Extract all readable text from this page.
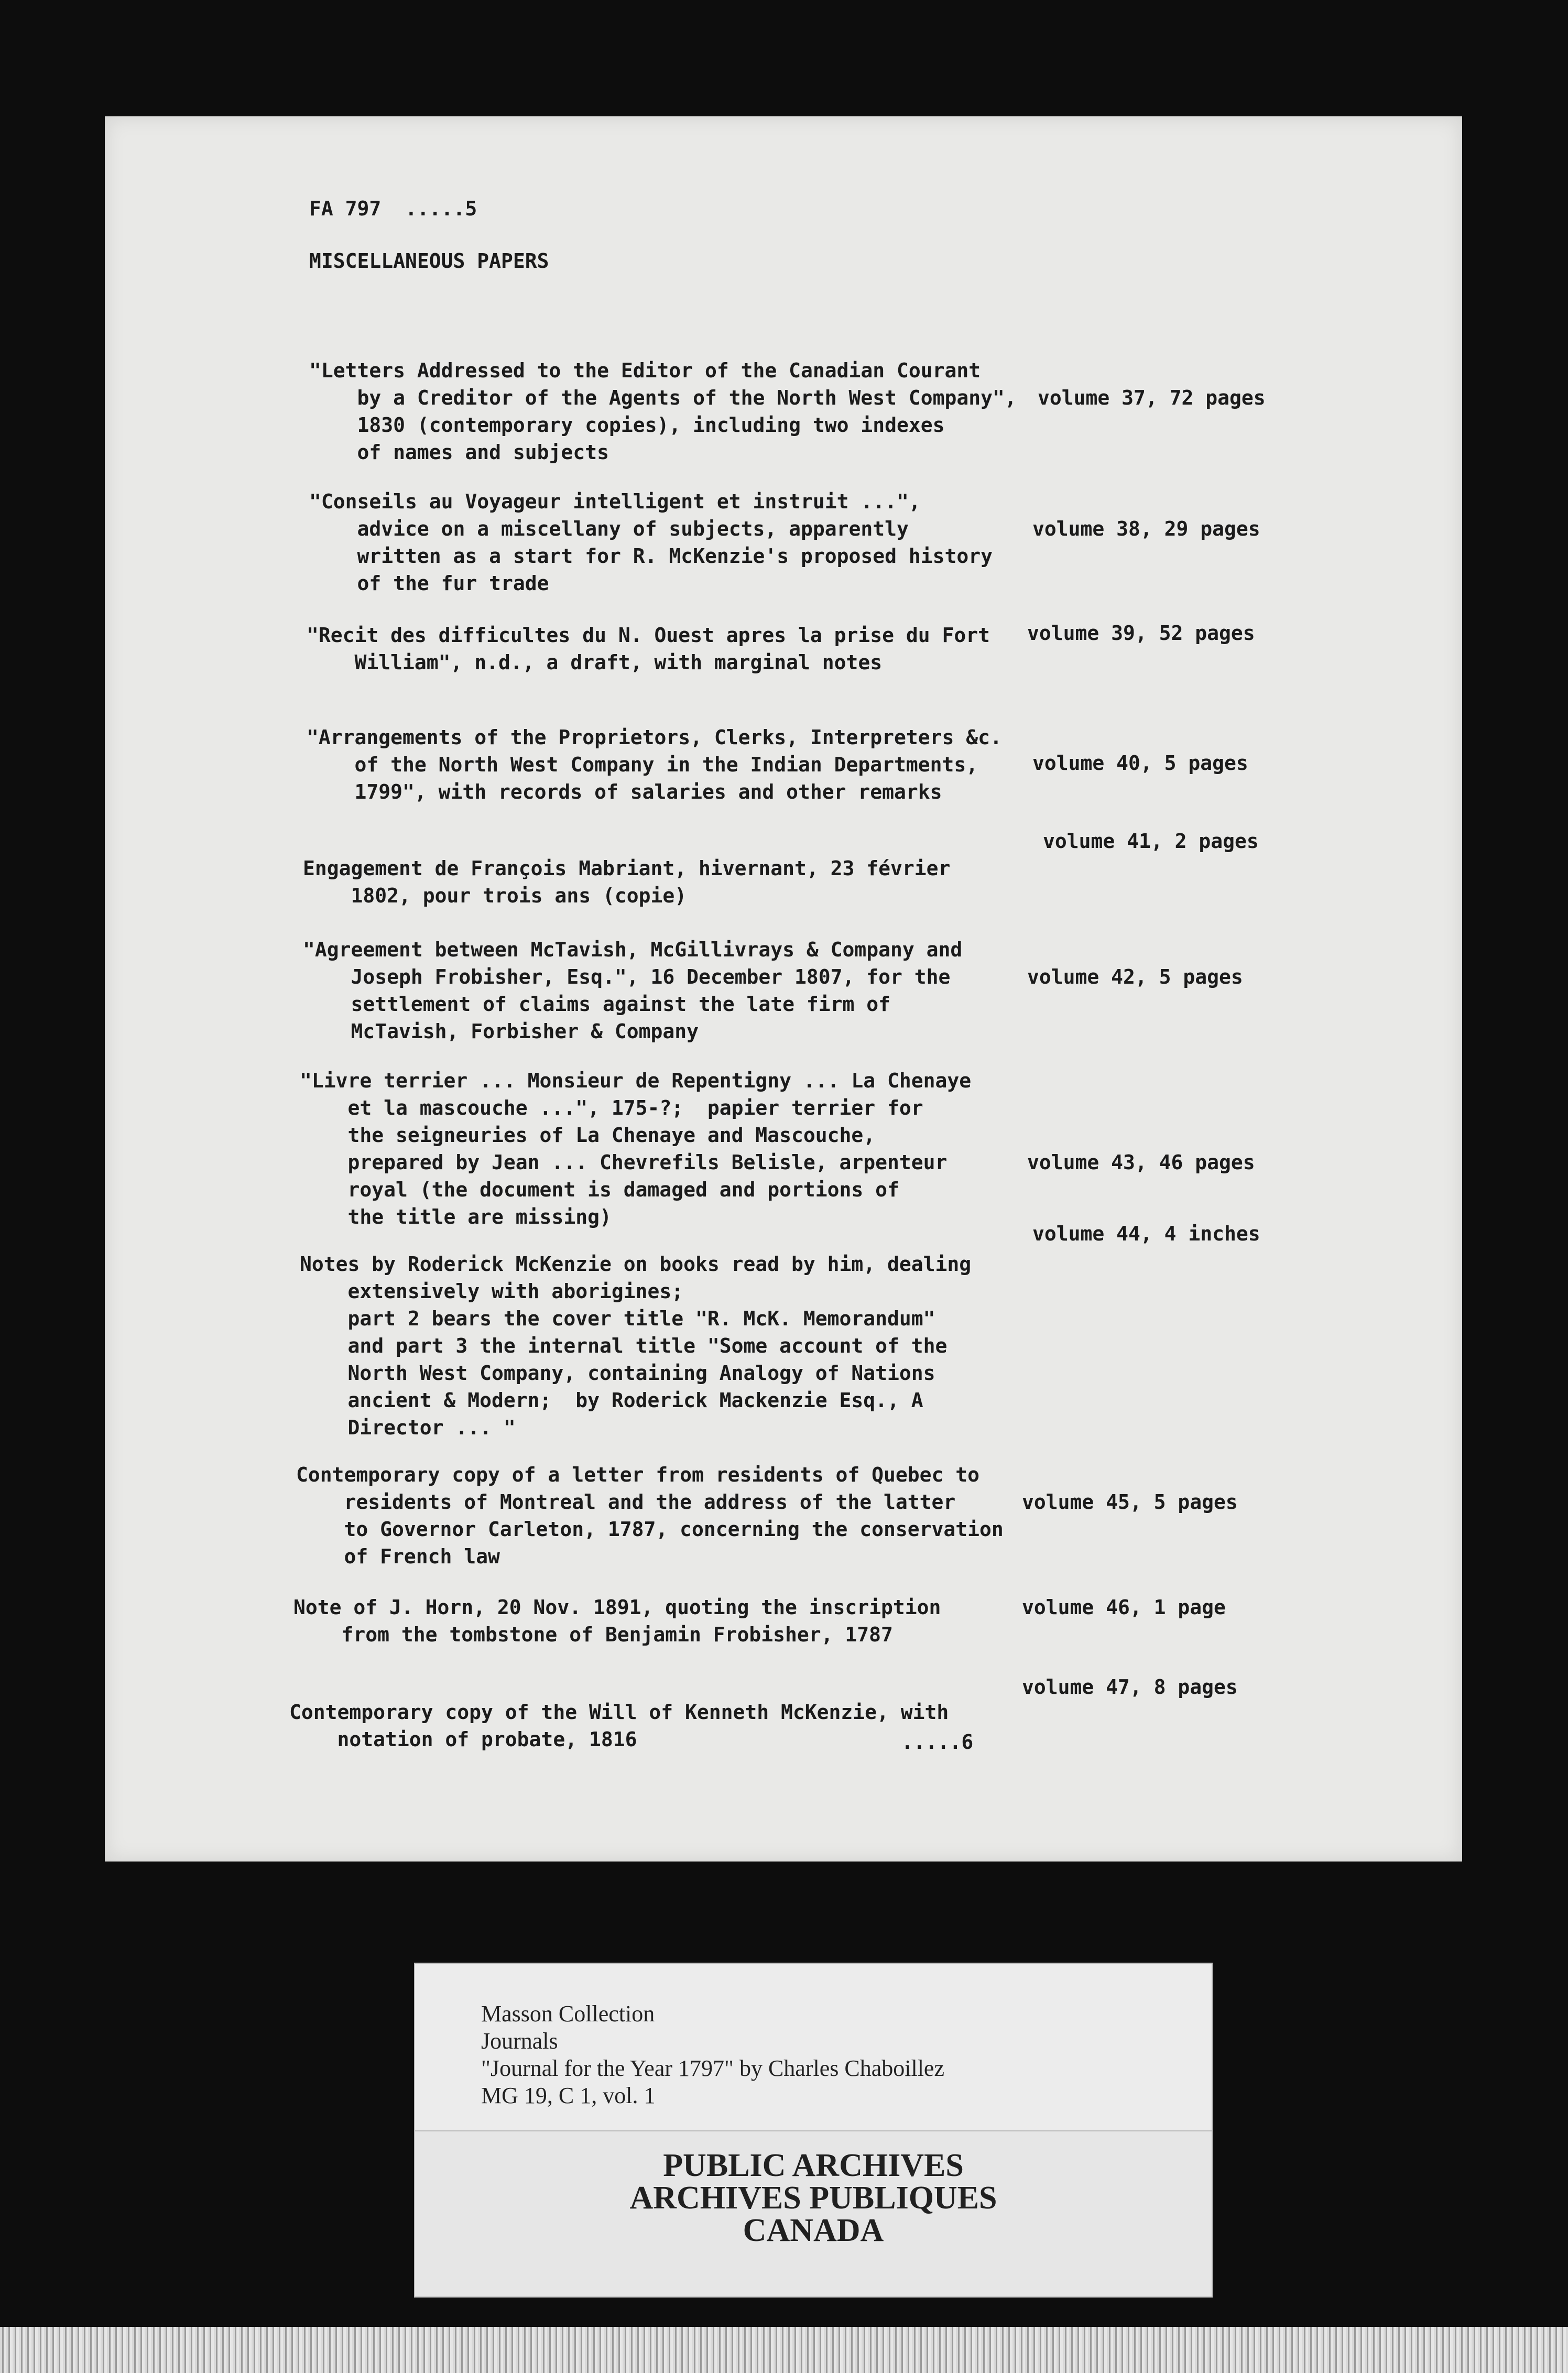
FA 797  .....5
MISCELLANEOUS PAPERS

"Letters Addressed to the Editor of the Canadian Courant
by a Creditor of the Agents of the North West Company",
1830 (contemporary copies), including two indexes
of names and subjects

volume 37, 72 pages

"Conseils au Voyageur intelligent et instruit ...",
advice on a miscellany of subjects, apparently
written as a start for R. McKenzie's proposed history
of the fur trade

volume 38, 29 pages

"Recit des difficultes du N. Ouest apres la prise du Fort
William", n.d., a draft, with marginal notes

volume 39, 52 pages

"Arrangements of the Proprietors, Clerks, Interpreters &c.
of the North West Company in the Indian Departments,
1799", with records of salaries and other remarks

volume 40, 5 pages

Engagement de François Mabriant, hivernant, 23 février
1802, pour trois ans (copie)

volume 41, 2 pages

"Agreement between McTavish, McGillivrays & Company and
Joseph Frobisher, Esq.", 16 December 1807, for the
settlement of claims against the late firm of
McTavish, Forbisher & Company

volume 42, 5 pages

"Livre terrier ... Monsieur de Repentigny ... La Chenaye
et la mascouche ...", 175-?;  papier terrier for
the seigneuries of La Chenaye and Mascouche,
prepared by Jean ... Chevrefils Belisle, arpenteur
royal (the document is damaged and portions of
the title are missing)

volume 43, 46 pages

Notes by Roderick McKenzie on books read by him, dealing
extensively with aborigines;
part 2 bears the cover title "R. McK. Memorandum"
and part 3 the internal title "Some account of the
North West Company, containing Analogy of Nations
ancient & Modern;  by Roderick Mackenzie Esq., A
Director ... "

volume 44, 4 inches

Contemporary copy of a letter from residents of Quebec to
residents of Montreal and the address of the latter
to Governor Carleton, 1787, concerning the conservation
of French law

volume 45, 5 pages

Note of J. Horn, 20 Nov. 1891, quoting the inscription
from the tombstone of Benjamin Frobisher, 1787

volume 46, 1 page

Contemporary copy of the Will of Kenneth McKenzie, with
notation of probate, 1816

volume 47, 8 pages
.....6
Masson Collection
Journals
"Journal for the Year 1797" by Charles Chaboillez
MG 19, C 1, vol. 1
PUBLIC ARCHIVES
ARCHIVES PUBLIQUES
CANADA
